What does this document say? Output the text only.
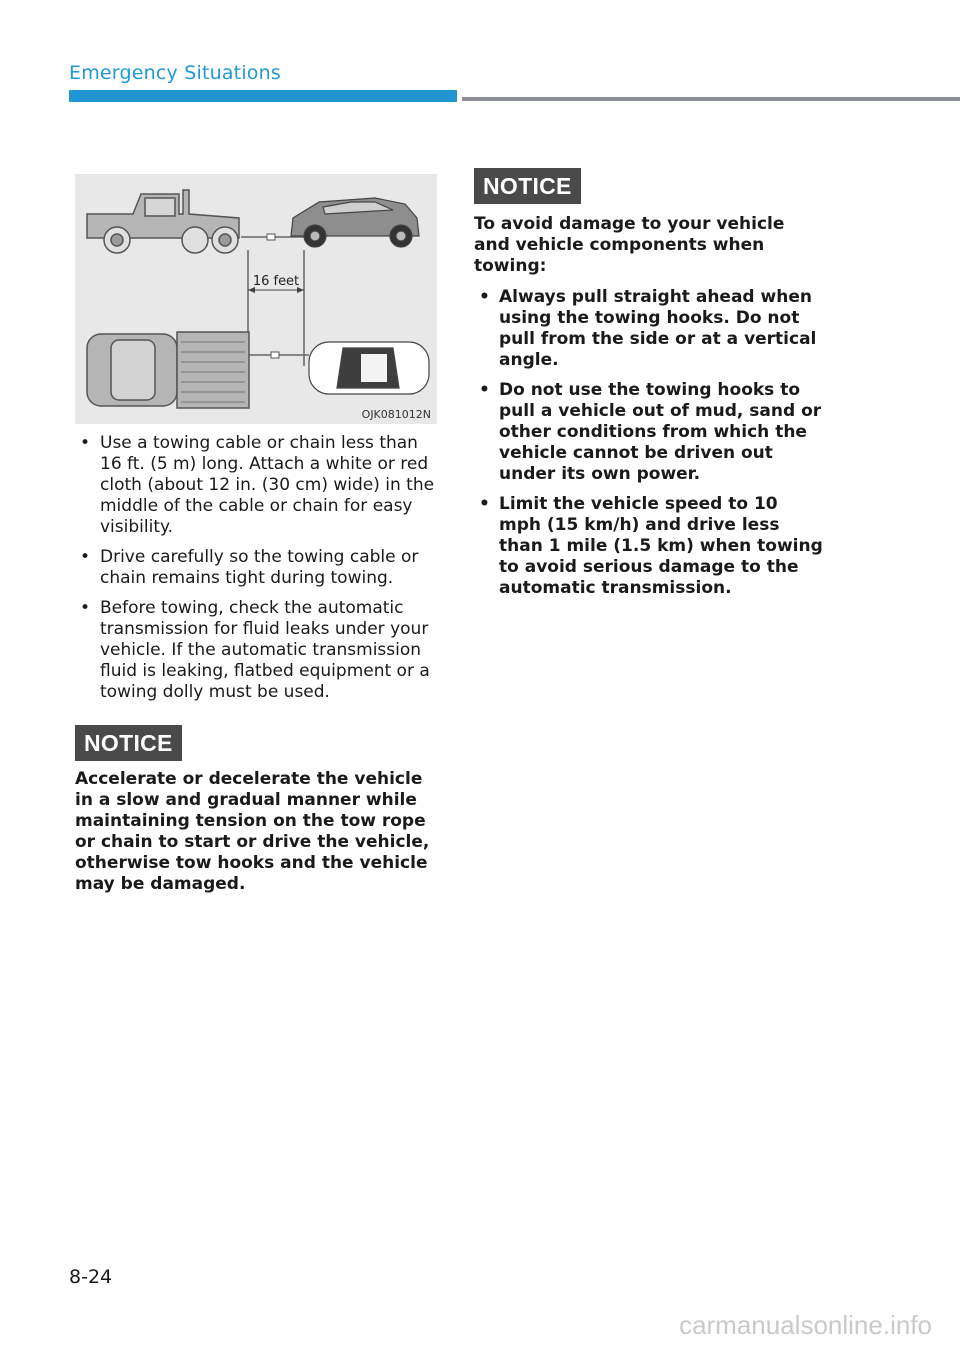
Emergency Situations
16 feet
OJK081012N
• Use a towing cable or chain less than 16 ft. (5 m) long. Attach a white or red cloth (about 12 in. (30 cm) wide) in the middle of the cable or chain for easy visibility.
• Drive carefully so the towing cable or chain remains tight during towing.
• Before towing, check the automatic transmission for fluid leaks under your vehicle. If the automatic transmission fluid is leaking, flatbed equipment or a towing dolly must be used.
NOTICE
Accelerate or decelerate the vehicle in a slow and gradual manner while maintaining tension on the tow rope or chain to start or drive the vehicle, otherwise tow hooks and the vehicle may be damaged.
NOTICE
To avoid damage to your vehicle and vehicle components when towing:
• Always pull straight ahead when using the towing hooks. Do not pull from the side or at a vertical angle.
• Do not use the towing hooks to pull a vehicle out of mud, sand or other conditions from which the vehicle cannot be driven out under its own power.
• Limit the vehicle speed to 10 mph (15 km/h) and drive less than 1 mile (1.5 km) when towing to avoid serious damage to the automatic transmission.
8-24
carmanualsonline.info
